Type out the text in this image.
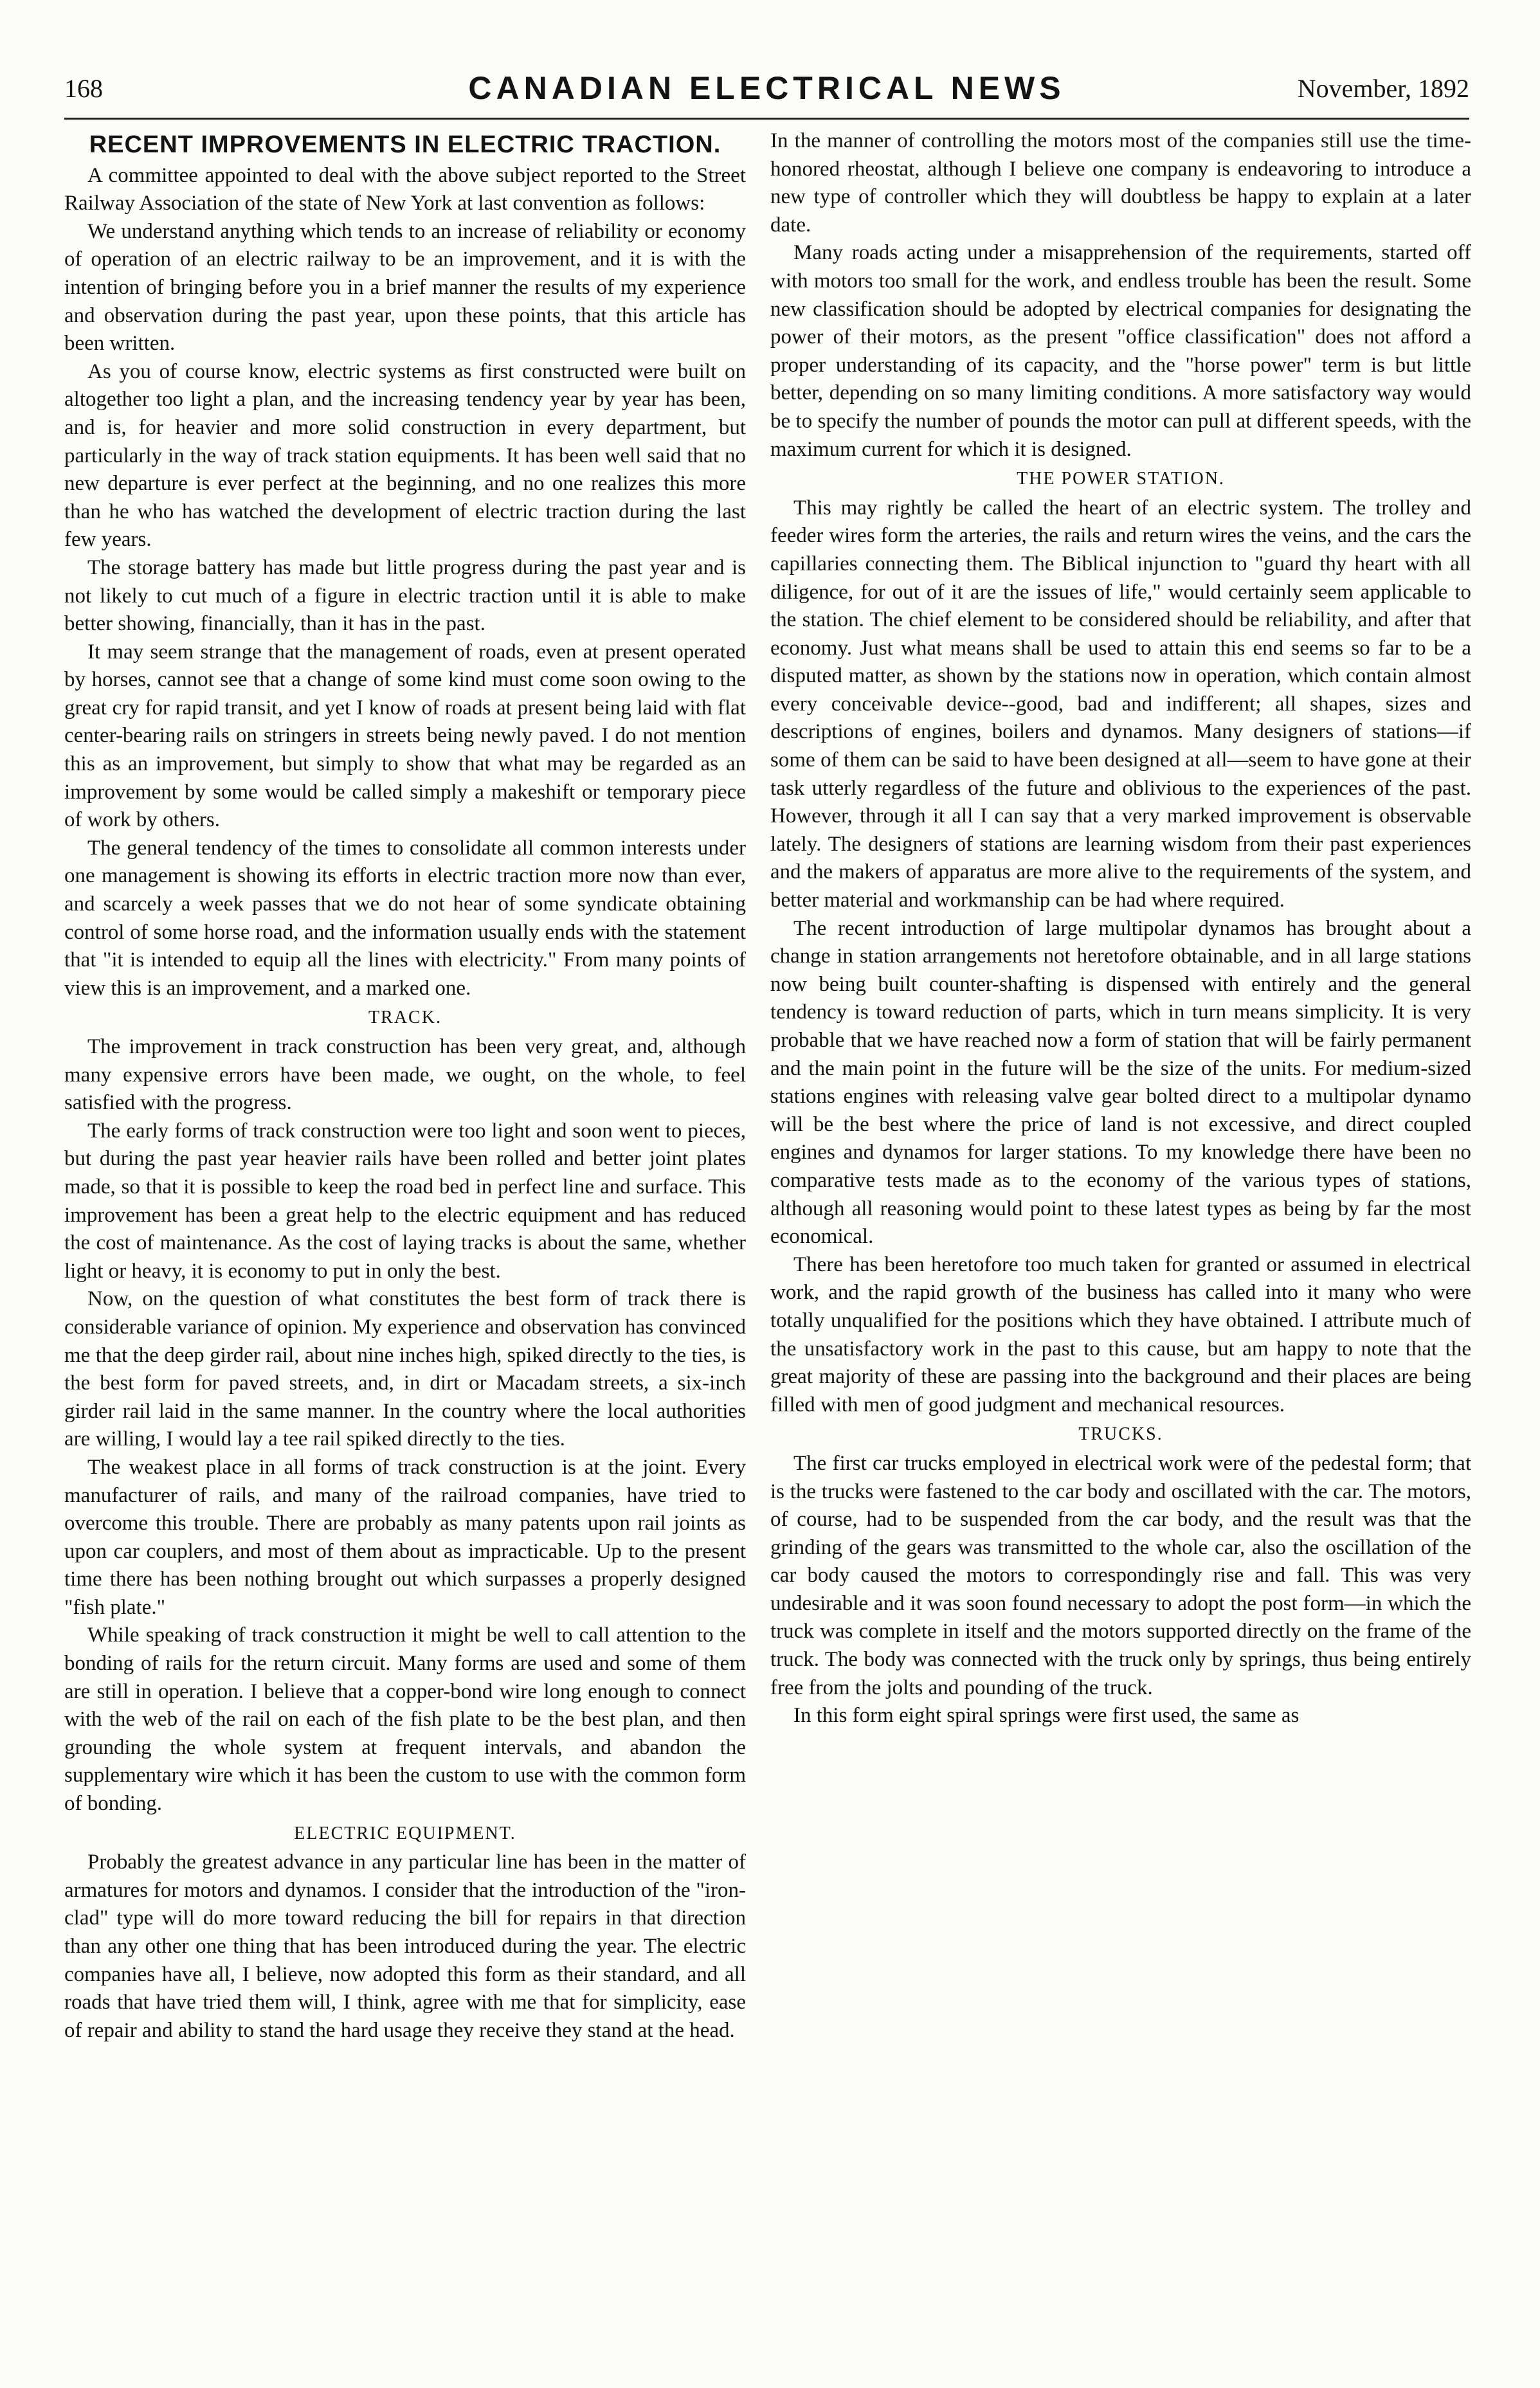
168	CANADIAN ELECTRICAL NEWS	November, 1892
RECENT IMPROVEMENTS IN ELECTRIC TRACTION.

A committee appointed to deal with the above subject reported to the Street Railway Association of the state of New York at last convention as follows:

We understand anything which tends to an increase of reliability or economy of operation of an electric railway to be an improvement, and it is with the intention of bringing before you in a brief manner the results of my experience and observation during the past year, upon these points, that this article has been written.

As you of course know, electric systems as first constructed were built on altogether too light a plan, and the increasing tendency year by year has been, and is, for heavier and more solid construction in every department, but particularly in the way of track station equipments. It has been well said that no new departure is ever perfect at the beginning, and no one realizes this more than he who has watched the development of electric traction during the last few years.

The storage battery has made but little progress during the past year and is not likely to cut much of a figure in electric traction until it is able to make better showing, financially, than it has in the past.

It may seem strange that the management of roads, even at present operated by horses, cannot see that a change of some kind must come soon owing to the great cry for rapid transit, and yet I know of roads at present being laid with flat center-bearing rails on stringers in streets being newly paved. I do not mention this as an improvement, but simply to show that what may be regarded as an improvement by some would be called simply a makeshift or temporary piece of work by others.

The general tendency of the times to consolidate all common interests under one management is showing its efforts in electric traction more now than ever, and scarcely a week passes that we do not hear of some syndicate obtaining control of some horse road, and the information usually ends with the statement that "it is intended to equip all the lines with electricity." From many points of view this is an improvement, and a marked one.

TRACK.

The improvement in track construction has been very great, and, although many expensive errors have been made, we ought, on the whole, to feel satisfied with the progress.

The early forms of track construction were too light and soon went to pieces, but during the past year heavier rails have been rolled and better joint plates made, so that it is possible to keep the road bed in perfect line and surface. This improvement has been a great help to the electric equipment and has reduced the cost of maintenance. As the cost of laying tracks is about the same, whether light or heavy, it is economy to put in only the best.

Now, on the question of what constitutes the best form of track there is considerable variance of opinion. My experience and observation has convinced me that the deep girder rail, about nine inches high, spiked directly to the ties, is the best form for paved streets, and, in dirt or Macadam streets, a six-inch girder rail laid in the same manner. In the country where the local authorities are willing, I would lay a tee rail spiked directly to the ties.

The weakest place in all forms of track construction is at the joint. Every manufacturer of rails, and many of the railroad companies, have tried to overcome this trouble. There are probably as many patents upon rail joints as upon car couplers, and most of them about as impracticable. Up to the present time there has been nothing brought out which surpasses a properly designed "fish plate."

While speaking of track construction it might be well to call attention to the bonding of rails for the return circuit. Many forms are used and some of them are still in operation. I believe that a copper-bond wire long enough to connect with the web of the rail on each of the fish plate to be the best plan, and then grounding the whole system at frequent intervals, and abandon the supplementary wire which it has been the custom to use with the common form of bonding.

ELECTRIC EQUIPMENT.

Probably the greatest advance in any particular line has been in the matter of armatures for motors and dynamos. I consider that the introduction of the "iron-clad" type will do more toward reducing the bill for repairs in that direction than any other one thing that has been introduced during the year. The electric companies have all, I believe, now adopted this form as their standard, and all roads that have tried them will, I think, agree with me that for simplicity, ease of repair and ability to stand the hard usage they receive they stand at the head.

In the manner of controlling the motors most of the companies still use the time-honored rheostat, although I believe one company is endeavoring to introduce a new type of controller which they will doubtless be happy to explain at a later date.

Many roads acting under a misapprehension of the requirements, started off with motors too small for the work, and endless trouble has been the result. Some new classification should be adopted by electrical companies for designating the power of their motors, as the present "office classification" does not afford a proper understanding of its capacity, and the "horse power" term is but little better, depending on so many limiting conditions. A more satisfactory way would be to specify the number of pounds the motor can pull at different speeds, with the maximum current for which it is designed.

THE POWER STATION.

This may rightly be called the heart of an electric system. The trolley and feeder wires form the arteries, the rails and return wires the veins, and the cars the capillaries connecting them. The Biblical injunction to "guard thy heart with all diligence, for out of it are the issues of life," would certainly seem applicable to the station. The chief element to be considered should be reliability, and after that economy. Just what means shall be used to attain this end seems so far to be a disputed matter, as shown by the stations now in operation, which contain almost every conceivable device--good, bad and indifferent; all shapes, sizes and descriptions of engines, boilers and dynamos. Many designers of stations—if some of them can be said to have been designed at all—seem to have gone at their task utterly regardless of the future and oblivious to the experiences of the past. However, through it all I can say that a very marked improvement is observable lately. The designers of stations are learning wisdom from their past experiences and the makers of apparatus are more alive to the requirements of the system, and better material and workmanship can be had where required.

The recent introduction of large multipolar dynamos has brought about a change in station arrangements not heretofore obtainable, and in all large stations now being built counter-shafting is dispensed with entirely and the general tendency is toward reduction of parts, which in turn means simplicity. It is very probable that we have reached now a form of station that will be fairly permanent and the main point in the future will be the size of the units. For medium-sized stations engines with releasing valve gear bolted direct to a multipolar dynamo will be the best where the price of land is not excessive, and direct coupled engines and dynamos for larger stations. To my knowledge there have been no comparative tests made as to the economy of the various types of stations, although all reasoning would point to these latest types as being by far the most economical.

There has been heretofore too much taken for granted or assumed in electrical work, and the rapid growth of the business has called into it many who were totally unqualified for the positions which they have obtained. I attribute much of the unsatisfactory work in the past to this cause, but am happy to note that the great majority of these are passing into the background and their places are being filled with men of good judgment and mechanical resources.

TRUCKS.

The first car trucks employed in electrical work were of the pedestal form; that is the trucks were fastened to the car body and oscillated with the car. The motors, of course, had to be suspended from the car body, and the result was that the grinding of the gears was transmitted to the whole car, also the oscillation of the car body caused the motors to correspondingly rise and fall. This was very undesirable and it was soon found necessary to adopt the post form—in which the truck was complete in itself and the motors supported directly on the frame of the truck. The body was connected with the truck only by springs, thus being entirely free from the jolts and pounding of the truck.

In this form eight spiral springs were first used, the same as
